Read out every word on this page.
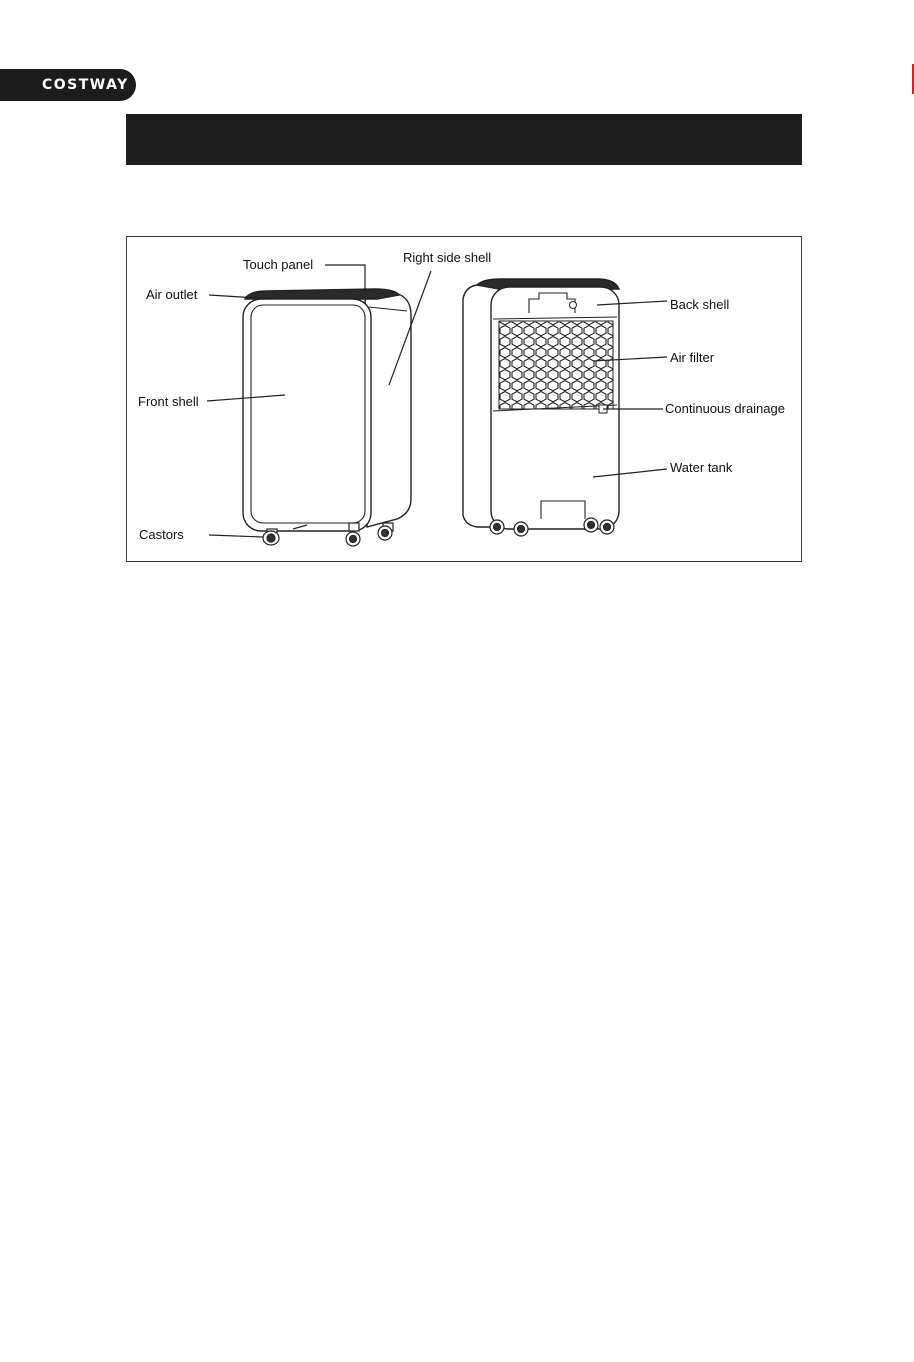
COSTWAY
Touch panel	Right side shell
Air outlet
Front shell
Castors
Back shell
Air filter
Continuous drainage
Water tank
